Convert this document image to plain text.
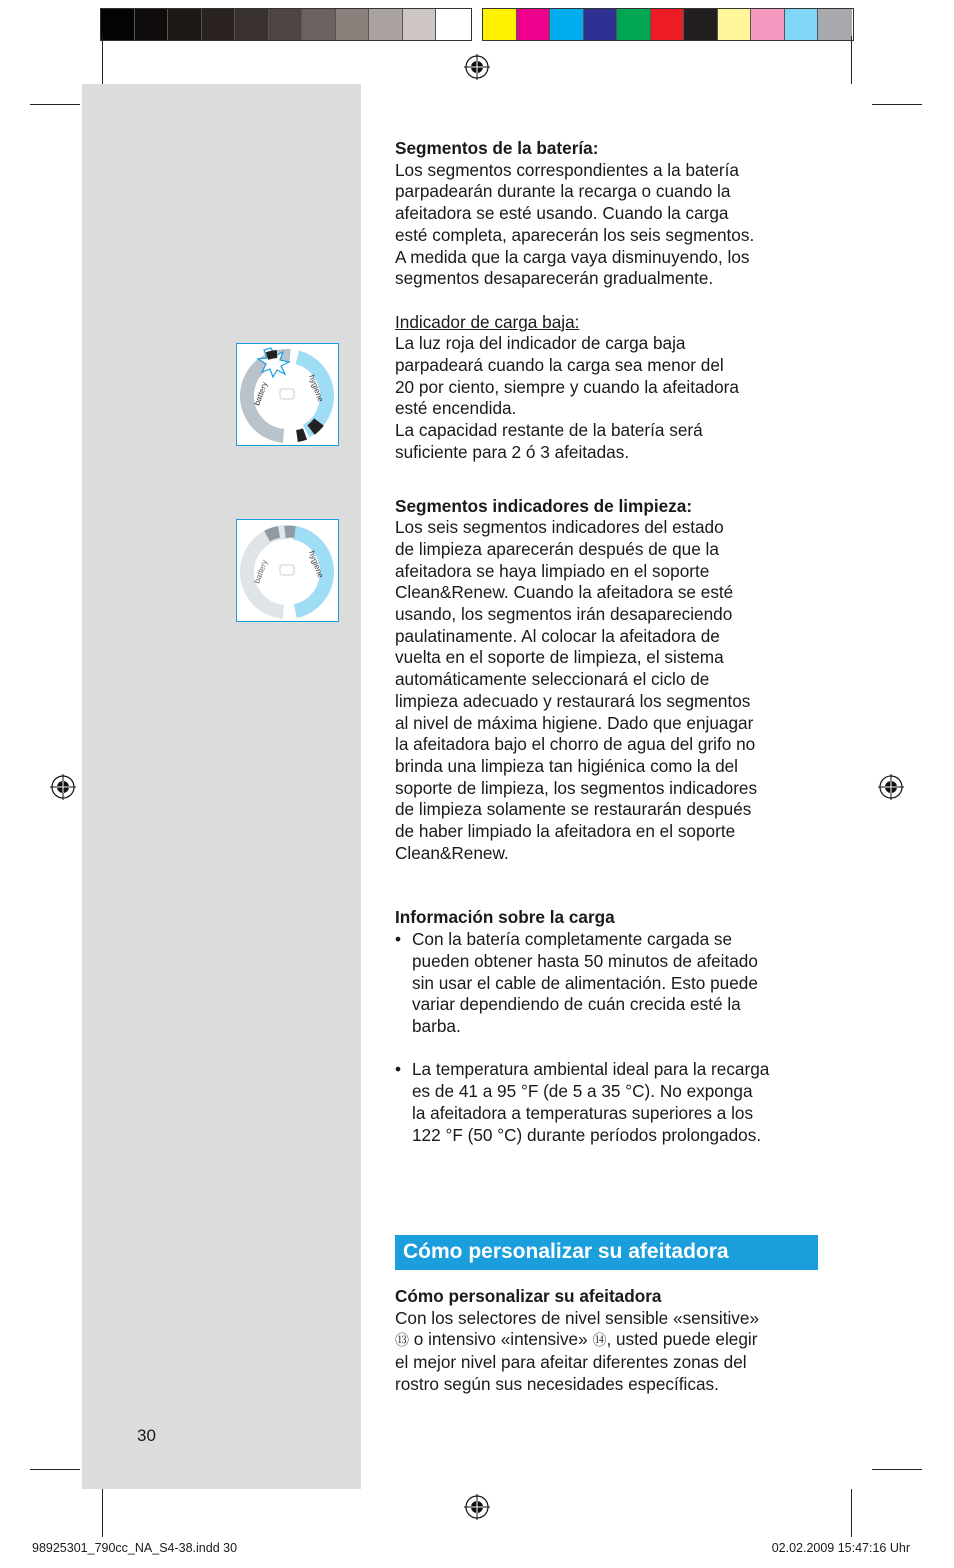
battery	hygiene
battery	hygiene

Segmentos de la batería:

Los segmentos correspondientes a la batería

parpadearán durante la recarga o cuando la

afeitadora se esté usando. Cuando la carga

esté completa, aparecerán los seis segmentos.

A medida que la carga vaya disminuyendo, los

segmentos desaparecerán gradualmente.

Indicador de carga baja:

La luz roja del indicador de carga baja

parpadeará cuando la carga sea menor del

20 por ciento, siempre y cuando la afeitadora

esté encendida.

La capacidad restante de la batería será

suficiente para 2 ó 3 afeitadas.

Segmentos indicadores de limpieza:

Los seis segmentos indicadores del estado

de limpieza aparecerán después de que la

afeitadora se haya limpiado en el soporte

Clean&Renew. Cuando la afeitadora se esté

usando, los segmentos irán desapareciendo

paulatinamente. Al colocar la afeitadora de

vuelta en el soporte de limpieza, el sistema

automáticamente seleccionará el ciclo de

limpieza adecuado y restaurará los segmentos

al nivel de máxima higiene. Dado que enjuagar

la afeitadora bajo el chorro de agua del grifo no

brinda una limpieza tan higiénica como la del

soporte de limpieza, los segmentos indicadores

de limpieza solamente se restaurarán después

de haber limpiado la afeitadora en el soporte

Clean&Renew.

Información sobre la carga

• Con la batería completamente cargada se

pueden obtener hasta 50 minutos de afeitado

sin usar el cable de alimentación. Esto puede

variar dependiendo de cuán crecida esté la

barba.

• La temperatura ambiental ideal para la recarga

es de 41 a 95 °F (de 5 a 35 °C). No exponga

la afeitadora a temperaturas superiores a los

122 °F (50 °C) durante períodos prolongados.

Cómo personalizar su afeitadora

Cómo personalizar su afeitadora

Con los selectores de nivel sensible «sensitive»

⑬ o intensivo «intensive» ⑭, usted puede elegir

el mejor nivel para afeitar diferentes zonas del

rostro según sus necesidades específicas.

30
98925301_790cc_NA_S4-38.indd 30	02.02.2009 15:47:16 Uhr
